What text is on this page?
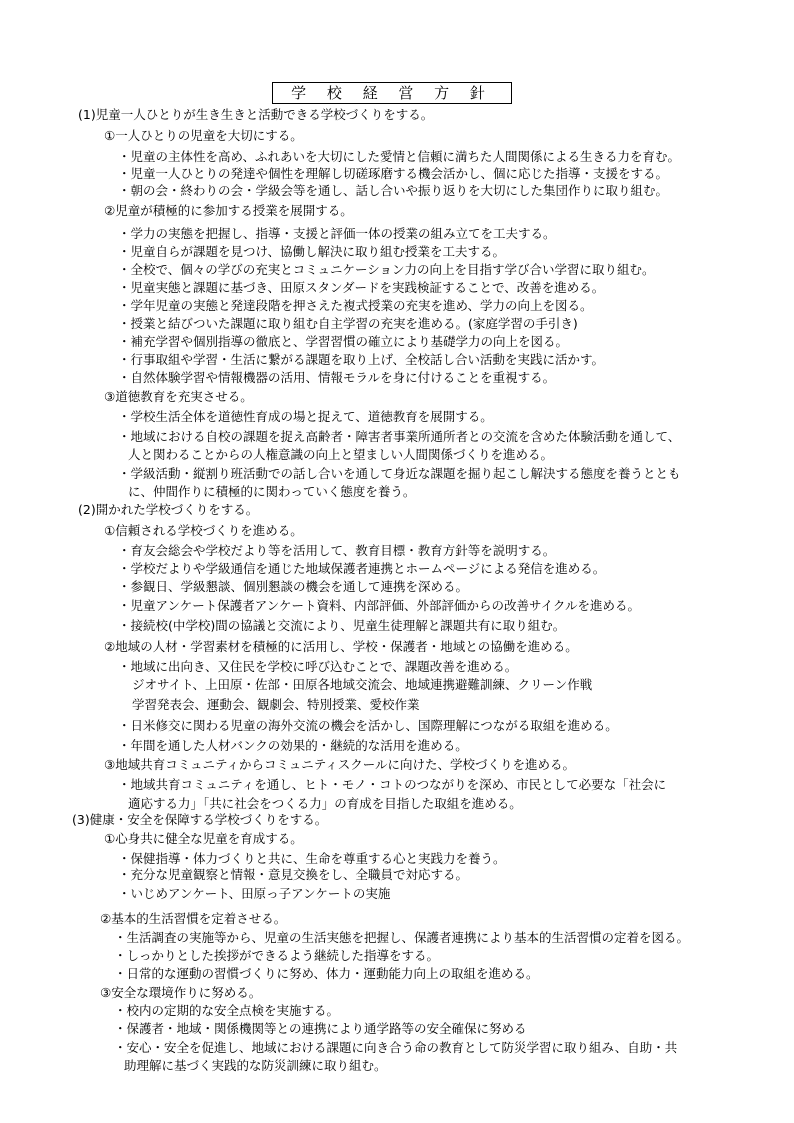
学 校 経 営 方 針
(1)児童一人ひとりが生き生きと活動できる学校づくりをする。
①一人ひとりの児童を大切にする。
・児童の主体性を高め、ふれあいを大切にした愛情と信頼に満ちた人間関係による生きる力を育む。
・児童一人ひとりの発達や個性を理解し切磋琢磨する機会活かし、個に応じた指導・支援をする。
・朝の会・終わりの会・学級会等を通し、話し合いや振り返りを大切にした集団作りに取り組む。
②児童が積極的に参加する授業を展開する。
・学力の実態を把握し、指導・支援と評価一体の授業の組み立てを工夫する。
・児童自らが課題を見つけ、協働し解決に取り組む授業を工夫する。
・全校で、個々の学びの充実とコミュニケーション力の向上を目指す学び合い学習に取り組む。
・児童実態と課題に基づき、田原スタンダードを実践検証することで、改善を進める。
・学年児童の実態と発達段階を押さえた複式授業の充実を進め、学力の向上を図る。
・授業と結びついた課題に取り組む自主学習の充実を進める。(家庭学習の手引き)
・補充学習や個別指導の徹底と、学習習慣の確立により基礎学力の向上を図る。
・行事取組や学習・生活に繋がる課題を取り上げ、全校話し合い活動を実践に活かす。
・自然体験学習や情報機器の活用、情報モラルを身に付けることを重視する。
③道徳教育を充実させる。
・学校生活全体を道徳性育成の場と捉えて、道徳教育を展開する。
・地域における自校の課題を捉え高齢者・障害者事業所通所者との交流を含めた体験活動を通して、
人と関わることからの人権意識の向上と望ましい人間関係づくりを進める。
・学級活動・縦割り班活動での話し合いを通して身近な課題を掘り起こし解決する態度を養うととも
に、仲間作りに積極的に関わっていく態度を養う。
(2)開かれた学校づくりをする。
①信頼される学校づくりを進める。
・育友会総会や学校だより等を活用して、教育目標・教育方針等を説明する。
・学校だよりや学級通信を通じた地域保護者連携とホームページによる発信を進める。
・参観日、学級懇談、個別懇談の機会を通して連携を深める。
・児童アンケート保護者アンケート資料、内部評価、外部評価からの改善サイクルを進める。
・接続校(中学校)間の協議と交流により、児童生徒理解と課題共有に取り組む。
②地域の人材・学習素材を積極的に活用し、学校・保護者・地域との協働を進める。
・地域に出向き、又住民を学校に呼び込むことで、課題改善を進める。
ジオサイト、上田原・佐部・田原各地域交流会、地域連携避難訓練、クリーン作戦
学習発表会、運動会、観劇会、特別授業、愛校作業
・日米修交に関わる児童の海外交流の機会を活かし、国際理解につながる取組を進める。
・年間を通した人材バンクの効果的・継続的な活用を進める。
③地域共育コミュニティからコミュニティスクールに向けた、学校づくりを進める。
・地域共育コミュニティを通し、ヒト・モノ・コトのつながりを深め、市民として必要な「社会に
適応する力」「共に社会をつくる力」の育成を目指した取組を進める。
(3)健康・安全を保障する学校づくりをする。
①心身共に健全な児童を育成する。
・保健指導・体力づくりと共に、生命を尊重する心と実践力を養う。
・充分な児童観察と情報・意見交換をし、全職員で対応する。
・いじめアンケート、田原っ子アンケートの実施
②基本的生活習慣を定着させる。
・生活調査の実施等から、児童の生活実態を把握し、保護者連携により基本的生活習慣の定着を図る。
・しっかりとした挨拶ができるよう継続した指導をする。
・日常的な運動の習慣づくりに努め、体力・運動能力向上の取組を進める。
③安全な環境作りに努める。
・校内の定期的な安全点検を実施する。
・保護者・地域・関係機関等との連携により通学路等の安全確保に努める
・安心・安全を促進し、地域における課題に向き合う命の教育として防災学習に取り組み、自助・共
助理解に基づく実践的な防災訓練に取り組む。
